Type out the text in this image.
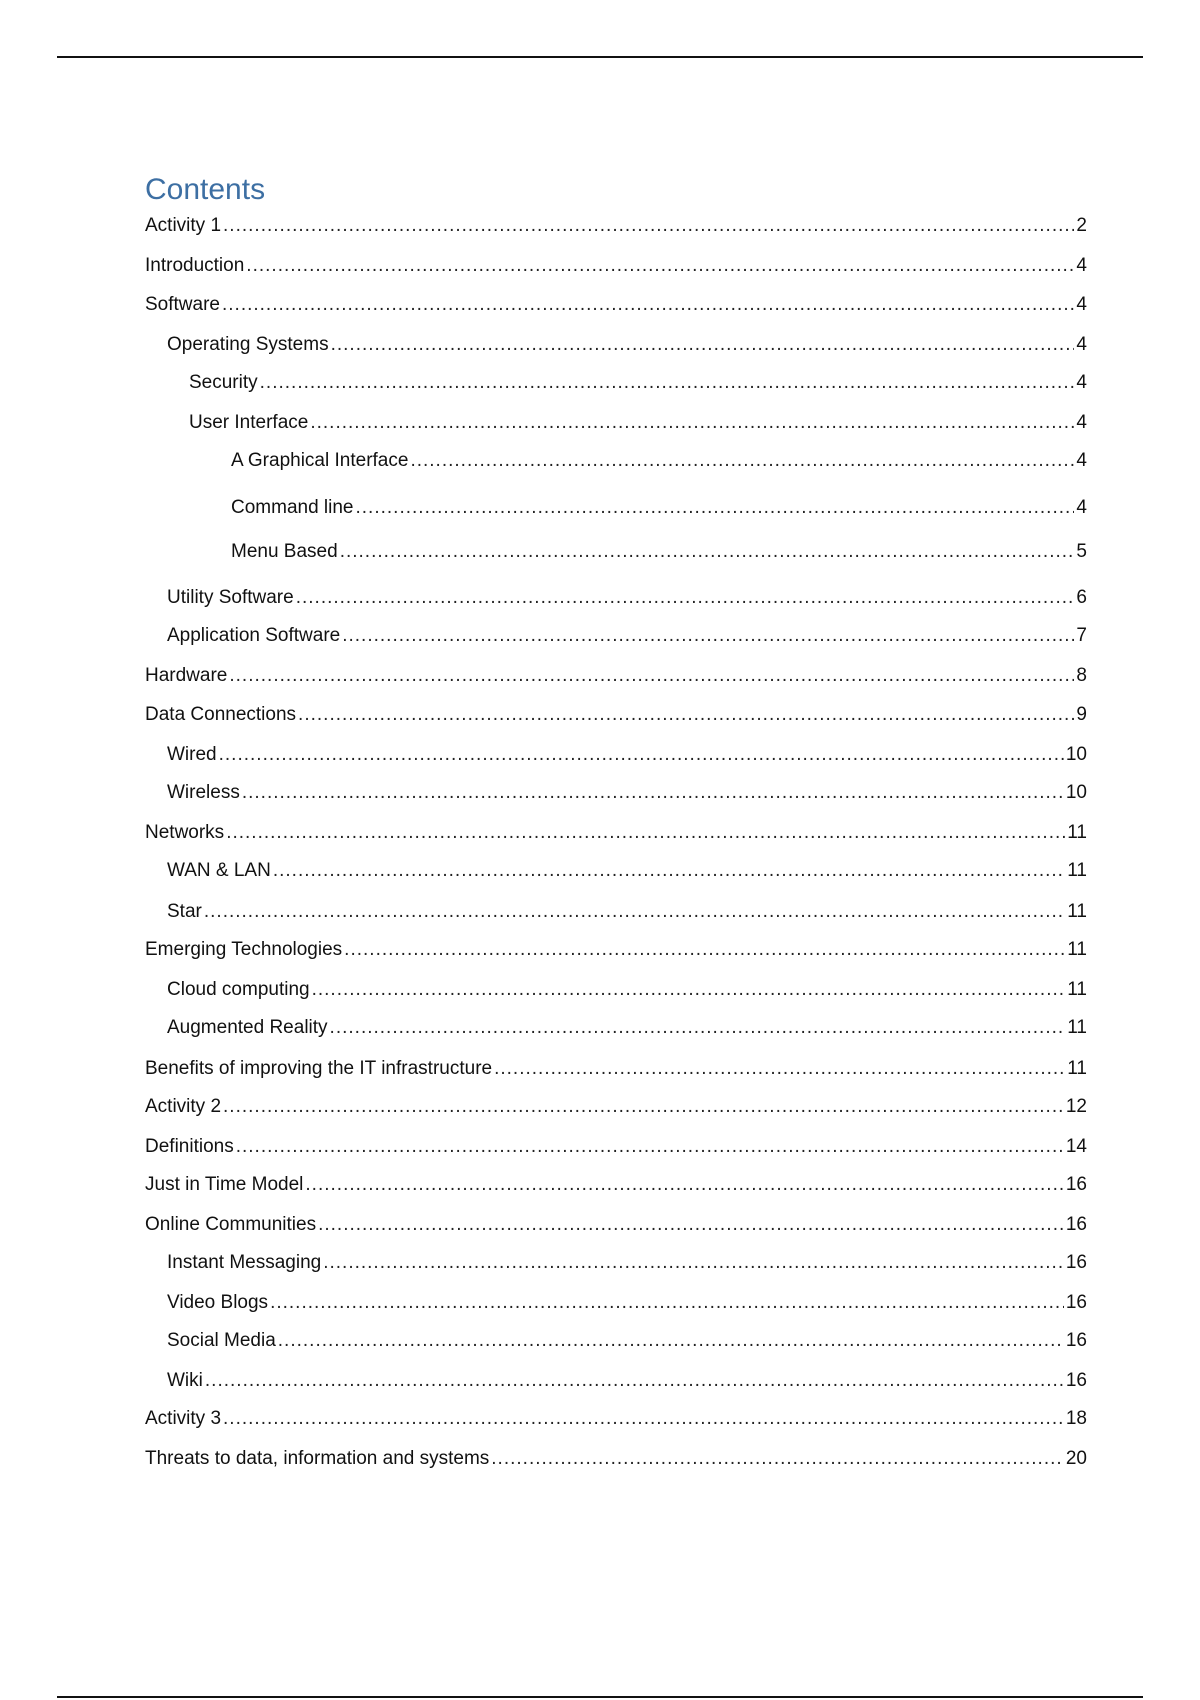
Contents
Activity 1 .....	2
Introduction .....	4
Software .....	4
Operating Systems .....	4
Security .....	4
User Interface .....	4
A Graphical Interface .....	4
Command line .....	4
Menu Based .....	5
Utility Software .....	6
Application Software .....	7
Hardware .....	8
Data Connections .....	9
Wired .....	10
Wireless .....	10
Networks .....	11
WAN & LAN .....	11
Star .....	11
Emerging Technologies .....	11
Cloud computing .....	11
Augmented Reality .....	11
Benefits of improving the IT infrastructure .....	11
Activity 2 .....	12
Definitions .....	14
Just in Time Model .....	16
Online Communities .....	16
Instant Messaging .....	16
Video Blogs .....	16
Social Media .....	16
Wiki .....	16
Activity 3 .....	18
Threats to data, information and systems .....	20
